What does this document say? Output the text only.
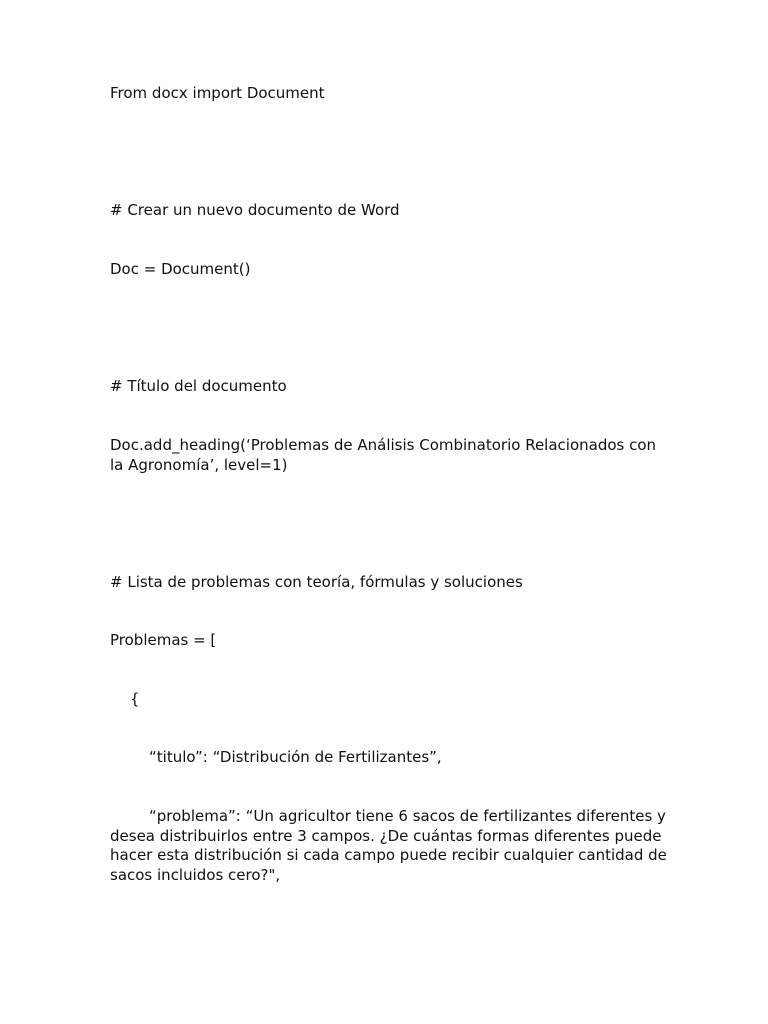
From docx import Document

# Crear un nuevo documento de Word

Doc = Document()

# Título del documento

Doc.add_heading(‘Problemas de Análisis Combinatorio Relacionados con la Agronomía’, level=1)

# Lista de problemas con teoría, fórmulas y soluciones

Problemas = [

{

“titulo”: “Distribución de Fertilizantes”,

“problema”: “Un agricultor tiene 6 sacos de fertilizantes diferentes y desea distribuirlos entre 3 campos. ¿De cuántas formas diferentes puede hacer esta distribución si cada campo puede recibir cualquier cantidad de sacos incluidos cero?",
